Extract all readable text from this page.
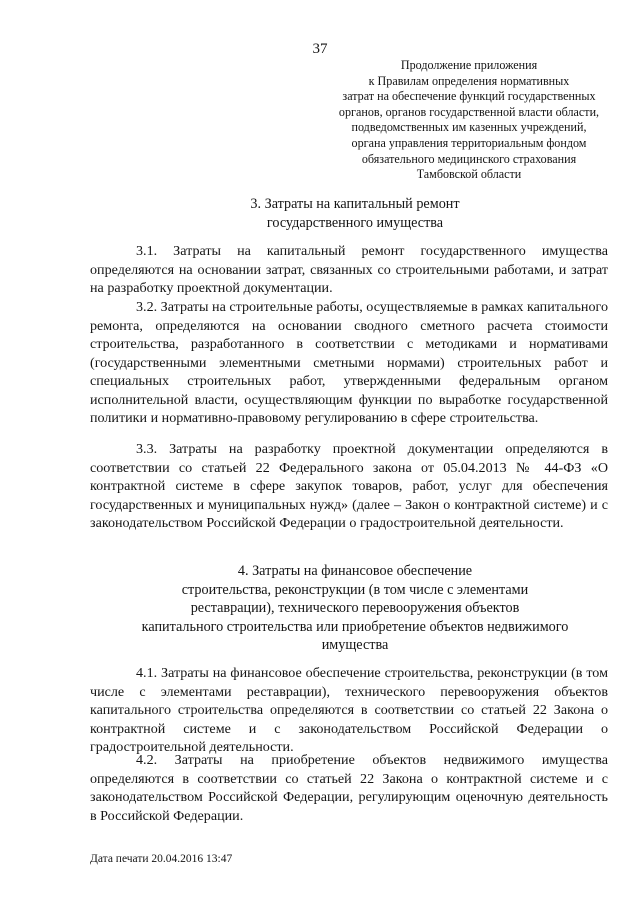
37
Продолжение приложения
к Правилам определения нормативных
затрат на обеспечение функций государственных
органов, органов государственной власти области,
подведомственных им казенных учреждений,
органа управления территориальным фондом
обязательного медицинского страхования
Тамбовской области
3. Затраты на капитальный ремонт
государственного имущества

3.1. Затраты на капитальный ремонт государственного имущества определяются на основании затрат, связанных со строительными работами, и затрат на разработку проектной документации.

3.2. Затраты на строительные работы, осуществляемые в рамках капитального ремонта, определяются на основании сводного сметного расчета стоимости строительства, разработанного в соответствии с методиками и нормативами (государственными элементными сметными нормами) строительных работ и специальных строительных работ, утвержденными федеральным органом исполнительной власти, осуществляющим функции по выработке государственной политики и нормативно-правовому регулированию в сфере строительства.

3.3. Затраты на разработку проектной документации определяются в соответствии со статьей 22 Федерального закона от 05.04.2013 № 44-ФЗ «О контрактной системе в сфере закупок товаров, работ, услуг для обеспечения государственных и муниципальных нужд» (далее – Закон о контрактной системе) и с законодательством Российской Федерации о градостроительной деятельности.

4. Затраты на финансовое обеспечение
строительства, реконструкции (в том числе с элементами
реставрации), технического перевооружения объектов
капитального строительства или приобретение объектов недвижимого
имущества

4.1. Затраты на финансовое обеспечение строительства, реконструкции (в том числе с элементами реставрации), технического перевооружения объектов капитального строительства определяются в соответствии со статьей 22 Закона о контрактной системе и с законодательством Российской Федерации о градостроительной деятельности.

4.2. Затраты на приобретение объектов недвижимого имущества определяются в соответствии со статьей 22 Закона о контрактной системе и с законодательством Российской Федерации, регулирующим оценочную деятельность в Российской Федерации.

Дата печати 20.04.2016 13:47
